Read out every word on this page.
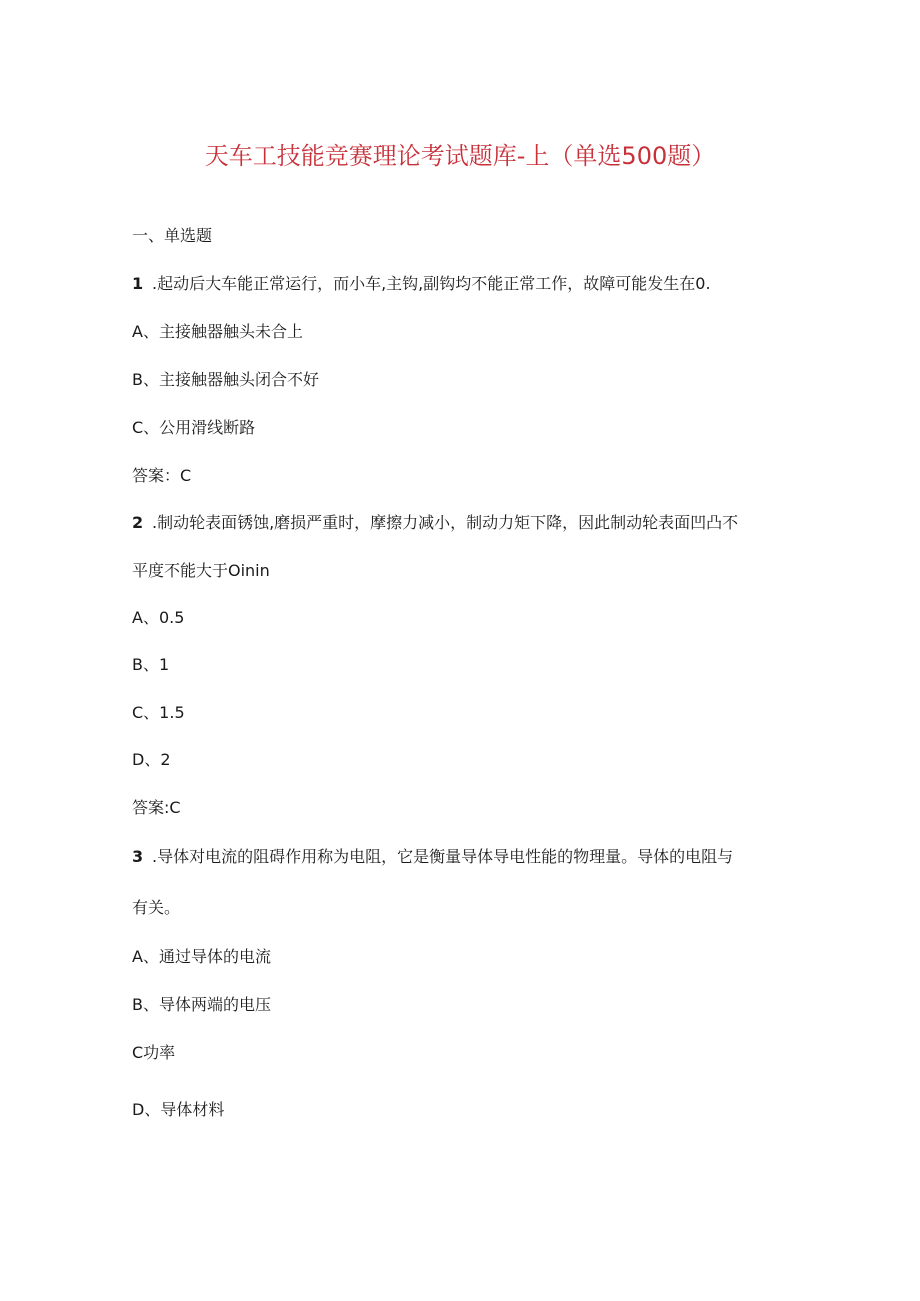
天车工技能竞赛理论考试题库-上（单选500题）
一、单选题
1 .起动后大车能正常运行，而小车,主钩,副钩均不能正常工作，故障可能发生在0.
A、主接触器触头未合上
B、主接触器触头闭合不好
C、公用滑线断路
答案：C
2 .制动轮表面锈蚀,磨损严重时，摩擦力减小，制动力矩下降，因此制动轮表面凹凸不
平度不能大于Oinin
A、0.5
B、1
C、1.5
D、2
答案:C
3 .导体对电流的阻碍作用称为电阻，它是衡量导体导电性能的物理量。导体的电阻与
有关。
A、通过导体的电流
B、导体两端的电压
C功率
D、导体材料
